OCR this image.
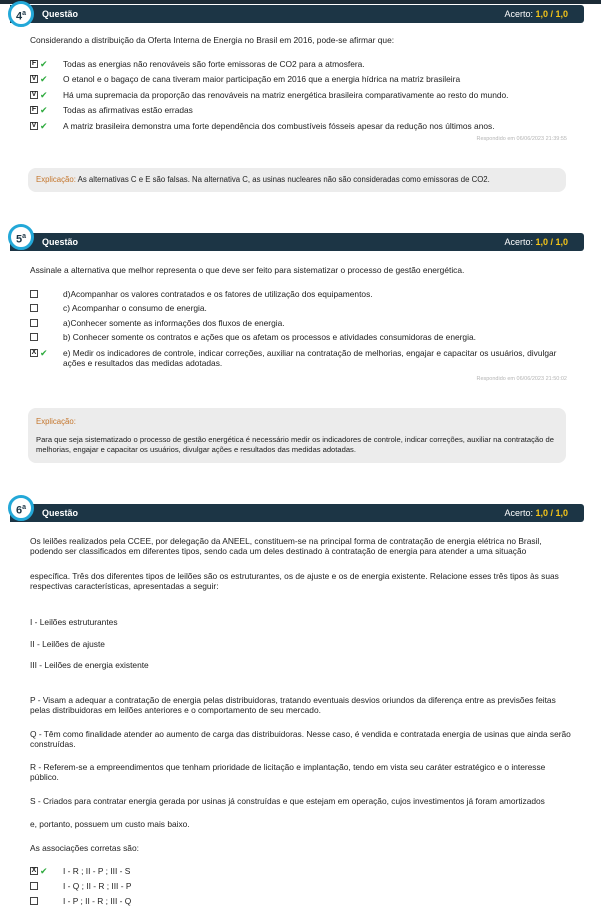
4$^a$	Questão	Acerto: 1,0 / 1,0
Considerando a distribuição da Oferta Interna de Energia no Brasil em 2016, pode-se afirmar que:
F ✔ Todas as energias não renováveis são forte emissoras de CO2 para a atmosfera.
V ✔ O etanol e o bagaço de cana tiveram maior participação em 2016 que a energia hídrica na matriz brasileira
V ✔ Há uma supremacia da proporção das renováveis na matriz energética brasileira comparativamente ao resto do mundo.
F ✔ Todas as afirmativas estão erradas
V ✔ A matriz brasileira demonstra uma forte dependência dos combustíveis fósseis apesar da redução nos últimos anos.
Respondido em 06/06/2023 21:39:55
Explicação: As alternativas C e E são falsas. Na alternativa C, as usinas nucleares não são consideradas como emissoras de CO2.
5$^a$
Questão	Acerto: 1,0 / 1,0
Assinale a alternativa que melhor representa o que deve ser feito para sistematizar o processo de gestão energética.
d)Acompanhar os valores contratados e os fatores de utilização dos equipamentos.
c) Acompanhar o consumo de energia.
a)Conhecer somente as informações dos fluxos de energia.
b) Conhecer somente os contratos e ações que os afetam os processos e atividades consumidoras de energia.
X ✔ e) Medir os indicadores de controle, indicar correções, auxiliar na contratação de melhorias, engajar e capacitar os usuários, divulgar ações e resultados das medidas adotadas.
Respondido em 06/06/2023 21:50:02
Explicação:
Para que seja sistematizado o processo de gestão energética é necessário medir os indicadores de controle, indicar correções, auxiliar na contratação de melhorias, engajar e capacitar os usuários, divulgar ações e resultados das medidas adotadas.
6$^a$
Questão	Acerto: 1,0 / 1,0
Os leilões realizados pela CCEE, por delegação da ANEEL, constituem-se na principal forma de contratação de energia elétrica no Brasil, podendo ser classificados em diferentes tipos, sendo cada um deles destinado à contratação de energia para atender a uma situação
específica. Três dos diferentes tipos de leilões são os estruturantes, os de ajuste e os de energia existente. Relacione esses três tipos às suas respectivas características, apresentadas a seguir:
I - Leilões estruturantes
II - Leilões de ajuste
III - Leilões de energia existente
P - Visam a adequar a contratação de energia pelas distribuidoras, tratando eventuais desvios oriundos da diferença entre as previsões feitas pelas distribuidoras em leilões anteriores e o comportamento de seu mercado.
Q - Têm como finalidade atender ao aumento de carga das distribuidoras. Nesse caso, é vendida e contratada energia de usinas que ainda serão construídas.
R - Referem-se a empreendimentos que tenham prioridade de licitação e implantação, tendo em vista seu caráter estratégico e o interesse público.
S - Criados para contratar energia gerada por usinas já construídas e que estejam em operação, cujos investimentos já foram amortizados
e, portanto, possuem um custo mais baixo.
As associações corretas são:
X ✔ I - R ; II - P ; III - S
I - Q ; II - R ; III - P
I - P ; II - R ; III - Q
